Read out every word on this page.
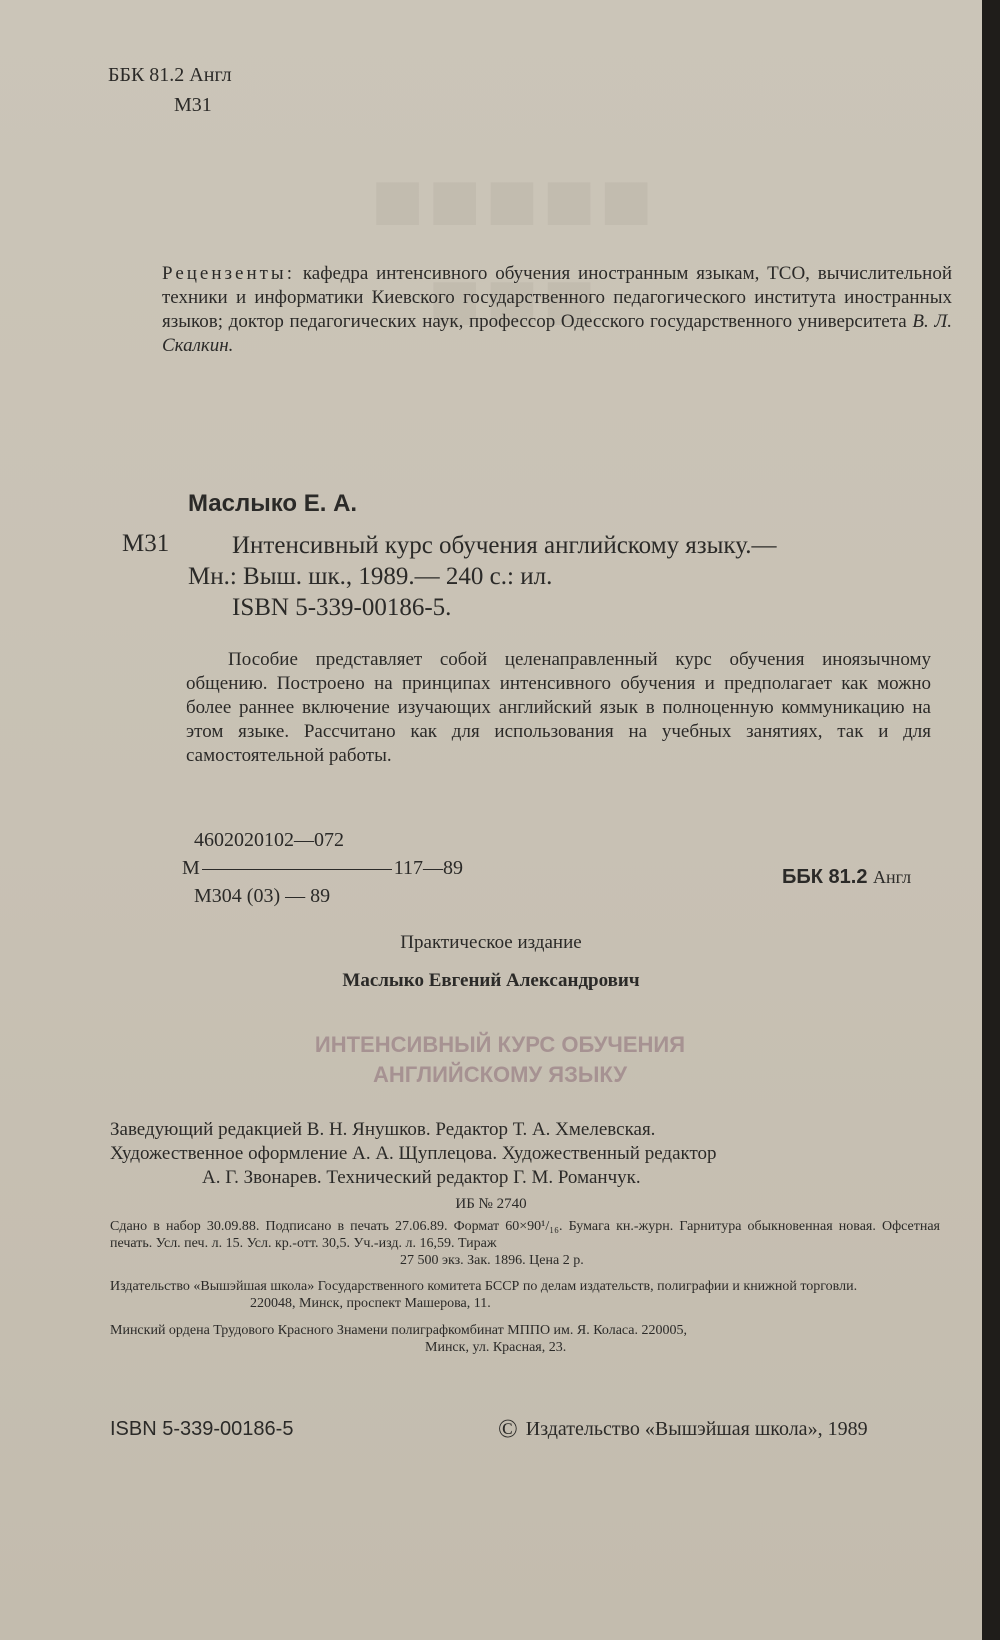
■■■■■
■■■
ББК 81.2 Англ
М31
Рецензенты: кафедра интенсивного обучения иностранным языкам, ТСО, вычислительной техники и информатики Киевского государственного педагогического института иностранных языков; доктор педагогических наук, профессор Одесского государственного университета В. Л. Скалкин.
Маслыко Е. А.
М31	Интенсивный курс обучения английскому языку.—
Мн.: Выш. шк., 1989.— 240 с.: ил.
ISBN 5-339-00186-5.
Пособие представляет собой целенаправленный курс обучения иноязычному общению. Построено на принципах интенсивного обучения и предполагает как можно более раннее включение изучающих английский язык в полноценную коммуникацию на этом языке. Рассчитано как для использования на учебных занятиях, так и для самостоятельной работы.
4602020102—072
М	117—89
М304 (03) — 89
ББК 81.2 Англ
Практическое издание
Маслыко Евгений Александрович
ИНТЕНСИВНЫЙ КУРС ОБУЧЕНИЯ
АНГЛИЙСКОМУ ЯЗЫКУ
Заведующий редакцией В. Н. Янушков. Редактор Т. А. Хмелевская.
Художественное оформление А. А. Щуплецова. Художественный редактор
А. Г. Звонарев. Технический редактор Г. М. Романчук.
ИБ № 2740
Сдано в набор 30.09.88. Подписано в печать 27.06.89. Формат 60×90¹/₁₆. Бумага кн.-журн. Гарнитура обыкновенная новая. Офсетная печать. Усл. печ. л. 15. Усл. кр.-отт. 30,5. Уч.-изд. л. 16,59. Тираж
27 500 экз. Зак. 1896. Цена 2 р.
Издательство «Вышэйшая школа» Государственного комитета БССР по делам издательств, полиграфии и книжной торговли.
220048, Минск, проспект Машерова, 11.
Минский ордена Трудового Красного Знамени полиграфкомбинат МППО им. Я. Коласа. 220005,
Минск, ул. Красная, 23.
ISBN 5-339-00186-5	© Издательство «Вышэйшая школа», 1989
